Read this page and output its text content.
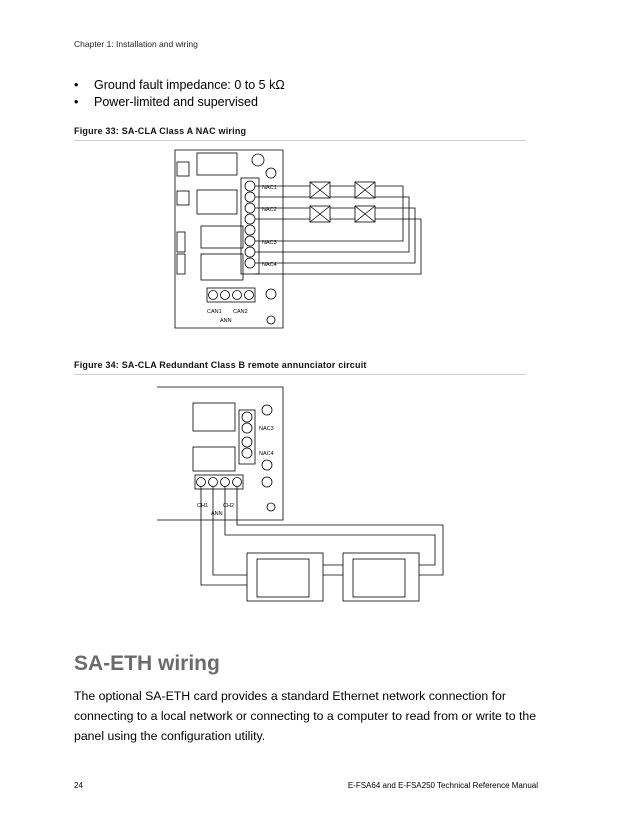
Chapter 1: Installation and wiring
•	Ground fault impedance: 0 to 5 kΩ
•	Power-limited and supervised
Figure 33: SA-CLA Class A NAC wiring
NAC1
NAC2
NAC3
NAC4
CAN1 CAN2
ANN
Figure 34: SA-CLA Redundant Class B remote annunciator circuit
NAC3
NAC4
CH1	CH2
ANN
SA-ETH wiring
The optional SA-ETH card provides a standard Ethernet network connection for connecting to a local network or connecting to a computer to read from or write to the panel using the configuration utility.
24	E-FSA64 and E-FSA250 Technical Reference Manual
